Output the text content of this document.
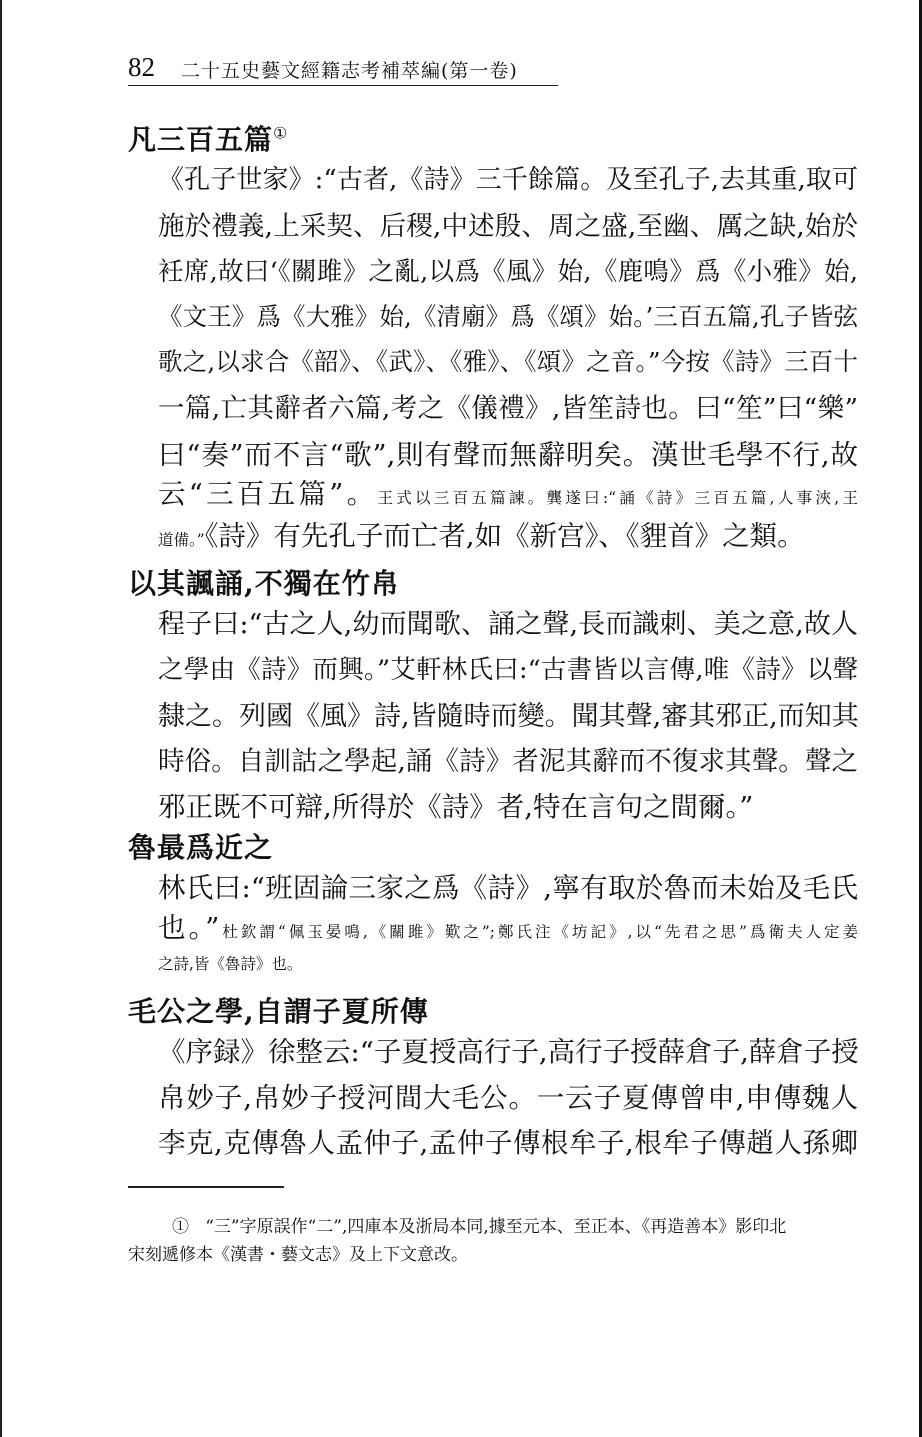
82 二十五史藝文經籍志考補萃編(第一卷)
凡三百五篇①
《孔子世家》:“古者,《詩》三千餘篇。及至孔子,去其重,取可
施於禮義,上采契、后稷,中述殷、周之盛,至幽、厲之缺,始於
衽席,故曰‘《關雎》之亂,以爲《風》始,《鹿鳴》爲《小雅》始,
《文王》爲《大雅》始,《清廟》爲《頌》始。’三百五篇,孔子皆弦
歌之,以求合《韶》、《武》、《雅》、《頌》之音。”今按《詩》三百十
一篇,亡其辭者六篇,考之《儀禮》,皆笙詩也。曰“笙”曰“樂”
曰“奏”而不言“歌”,則有聲而無辭明矣。漢世毛學不行,故
云“三百五篇”。王式以三百五篇諫。龔遂曰:“誦《詩》三百五篇,人事浹,王
道備。”《詩》有先孔子而亡者,如《新宫》、《貍首》之類。
以其諷誦,不獨在竹帛
程子曰:“古之人,幼而聞歌、誦之聲,長而識刺、美之意,故人
之學由《詩》而興。”艾軒林氏曰:“古書皆以言傳,唯《詩》以聲
隸之。列國《風》詩,皆隨時而變。聞其聲,審其邪正,而知其
時俗。自訓詁之學起,誦《詩》者泥其辭而不復求其聲。聲之
邪正既不可辯,所得於《詩》者,特在言句之間爾。”
魯最爲近之
林氏曰:“班固論三家之爲《詩》,寧有取於魯而未始及毛氏
也。”杜欽謂“佩玉晏鳴,《關雎》歎之”;鄭氏注《坊記》,以“先君之思”爲衛夫人定姜
之詩,皆《魯詩》也。
毛公之學,自謂子夏所傳
《序録》徐整云:“子夏授高行子,高行子授薛倉子,薛倉子授
帛妙子,帛妙子授河間大毛公。一云子夏傳曾申,申傳魏人
李克,克傳魯人孟仲子,孟仲子傳根牟子,根牟子傳趙人孫卿
① “三”字原誤作“二”,四庫本及浙局本同,據至元本、至正本、《再造善本》影印北
宋刻遞修本《漢書・藝文志》及上下文意改。
